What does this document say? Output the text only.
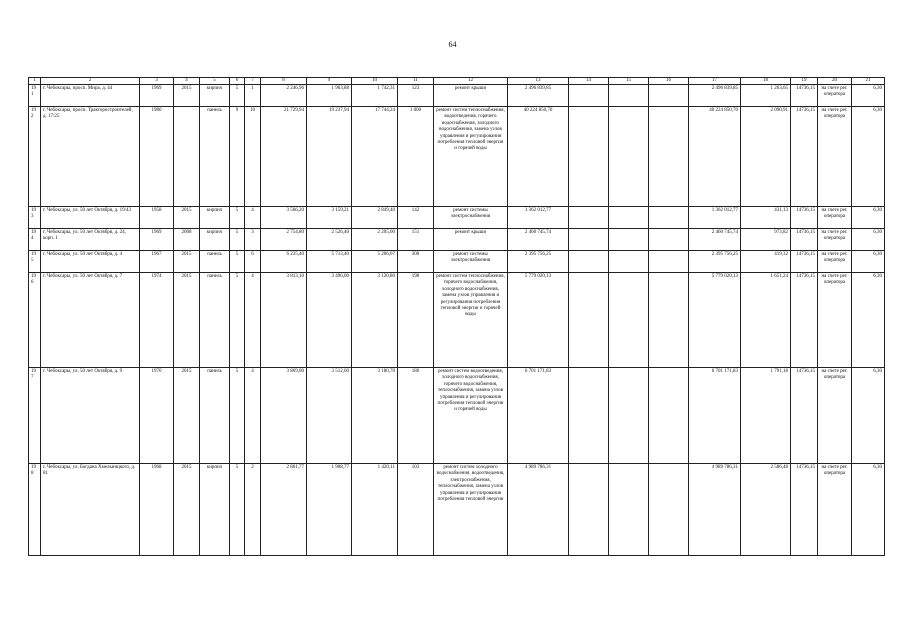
64
1	2	3	4	5	6	7	8	9	10	11	12	13	14	15	16	17	18	19	20	21
191	г. Чебоксары, просп. Мира, д. 44	1969	2015	кирпич	5	1	2 246,96	1 963,88	1 742,31	123	ремонт крыши	2 496 839,85				2 496 839,85	1 263,65	14736,15	на счете рег. оператора	6,30
192	г. Чебоксары, просп. Тракторостроителей, д. 17/25	1980		панель	9	10	21 729,94	19 237,94	17 744,24	1 000	ремонт систем теплоснабжения, водоотведения, горячего водоснабжения, холодного водоснабжения, замена узлов управления и регулирования потребления тепловой энергии и горячей воды	40 224 850,70				40 224 850,70	2 090,91	14736,15	на счете рег. оператора	6,30
193	г. Чебоксары, ул. 50 лет Октября, д. 19/43	1958	2015	кирпич	5	4	3 566,20	3 159,21	2 849,40	142	ремонт системы электроснабжения	1 362 012,77				1 362 012,77	431,13	14736,15	на счете рег. оператора	6,30
194	г. Чебоксары, ул. 50 лет Октября, д. 24, корп. 1	1969	2008	кирпич	5	3	2 754,80	2 526,40	2 205,00	151	ремонт крыши	2 460 745,74				2 460 745,74	973,82	14736,15	на счете рег. оператора	6,30
195	г. Чебоксары, ул. 50 лет Октября, д. 4	1967	2015	панель	5	6	6 235,40	5 713,40	5 206,07	300	ремонт системы электроснабжения	2 395 756,25				2 395 756,25	419,32	14736,15	на счете рег. оператора	6,30
196	г. Чебоксары, ул. 50 лет Октября, д. 7	1974	2015	панель	5	4	3 813,10	3 496,00	3 120,80	198	ремонт систем теплоснабжения, горячего водоснабжения, холодного водоснабжения, замена узлов управления и регулирования потребления тепловой энергии и горячей воды	5 779 020,13				5 779 020,13	1 651,24	14736,15	на счете рег. оператора	6,30
197	г. Чебоксары, ул. 50 лет Октября, д. 9	1970	2015	панель	5	4	3 869,00	3 512,60	3 180,70	186	ремонт систем водоотведения, холодного водоснабжения, горячего водоснабжения, теплоснабжения, замена узлов управления и регулирования потребления тепловой энергии и горячей воды	6 701 171,83				6 701 171,83	1 791,18	14736,15	на счете рег. оператора	6,30
198	г. Чебоксары, ул. Богдана Хмельницкого, д. 81	1968	2015	кирпич	5	2	2 861,77	1 908,77	1 420,11	103	ремонт систем холодного водоснабжения, водоотведения, электроснабжения, теплоснабжения, замена узлов управления и регулирования потребления тепловой энергии	4 989 786,31				4 989 786,31	2 586,48	14736,15	на счете рег. оператора	6,30
